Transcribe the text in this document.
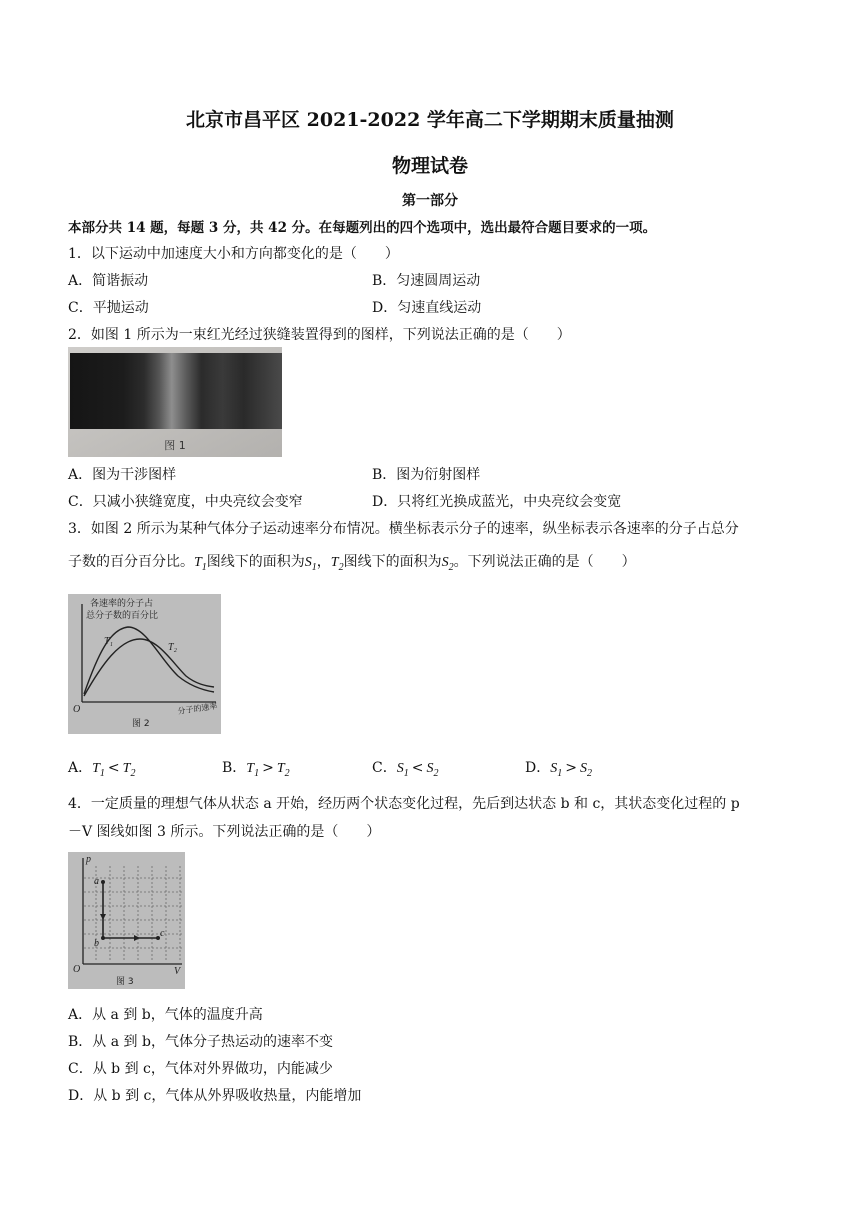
北京市昌平区 2021-2022 学年高二下学期期末质量抽测
物理试卷
第一部分
本部分共 14 题，每题 3 分，共 42 分。在每题列出的四个选项中，选出最符合题目要求的一项。
1．以下运动中加速度大小和方向都变化的是（　　）
A．简谐振动	B．匀速圆周运动
C．平抛运动	D．匀速直线运动
2．如图 1 所示为一束红光经过狭缝装置得到的图样，下列说法正确的是（　　）
图 1
A．图为干涉图样	B．图为衍射图样
C．只减小狭缝宽度，中央亮纹会变窄	D．只将红光换成蓝光，中央亮纹会变宽
3．如图 2 所示为某种气体分子运动速率分布情况。横坐标表示分子的速率，纵坐标表示各速率的分子占总分
子数的百分百分比。$T_1$图线下的面积为$S_1$，$T_2$图线下的面积为$S_2$。下列说法正确的是（　　）
各速率的分子占
总分子数的百分比
T₁
T₂
O	分子的速率
图 2
A．$T_1 < T_2$	B．$T_1 > T_2$	C．$S_1 < S_2$	D．$S_1 > S_2$
4．一定质量的理想气体从状态 a 开始，经历两个状态变化过程，先后到达状态 b 和 c，其状态变化过程的 p
－V 图线如图 3 所示。下列说法正确的是（　　）
p
V
O
a
b
c
图 3
A．从 a 到 b，气体的温度升高
B．从 a 到 b，气体分子热运动的速率不变
C．从 b 到 c，气体对外界做功，内能减少
D．从 b 到 c，气体从外界吸收热量，内能增加
